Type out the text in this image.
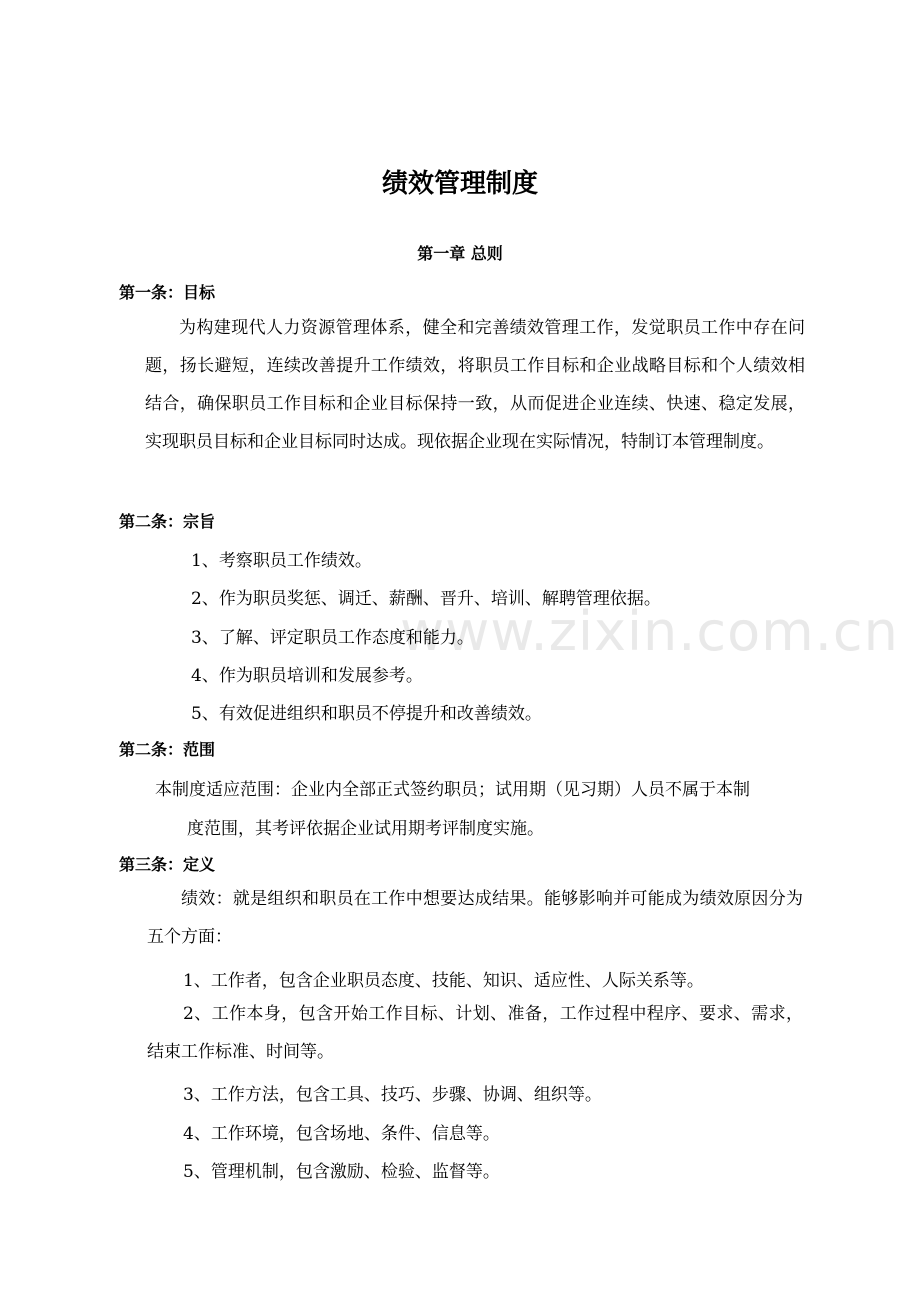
www.zixin.com.cn
绩效管理制度
第一章 总则
第一条：目标

为构建现代人力资源管理体系，健全和完善绩效管理工作，发觉职员工作中存在问题，扬长避短，连续改善提升工作绩效，将职员工作目标和企业战略目标和个人绩效相结合，确保职员工作目标和企业目标保持一致，从而促进企业连续、快速、稳定发展，实现职员目标和企业目标同时达成。现依据企业现在实际情况，特制订本管理制度。

第二条：宗旨
1、考察职员工作绩效。
2、作为职员奖惩、调迁、薪酬、晋升、培训、解聘管理依据。
3、了解、评定职员工作态度和能力。
4、作为职员培训和发展参考。
5、有效促进组织和职员不停提升和改善绩效。
第二条：范围
本制度适应范围：企业内全部正式签约职员；试用期（见习期）人员不属于本制
度范围，其考评依据企业试用期考评制度实施。
第三条：定义

绩效：就是组织和职员在工作中想要达成结果。能够影响并可能成为绩效原因分为五个方面：

1、工作者，包含企业职员态度、技能、知识、适应性、人际关系等。

2、工作本身，包含开始工作目标、计划、准备，工作过程中程序、要求、需求，结束工作标准、时间等。

3、工作方法，包含工具、技巧、步骤、协调、组织等。
4、工作环境，包含场地、条件、信息等。
5、管理机制，包含激励、检验、监督等。
